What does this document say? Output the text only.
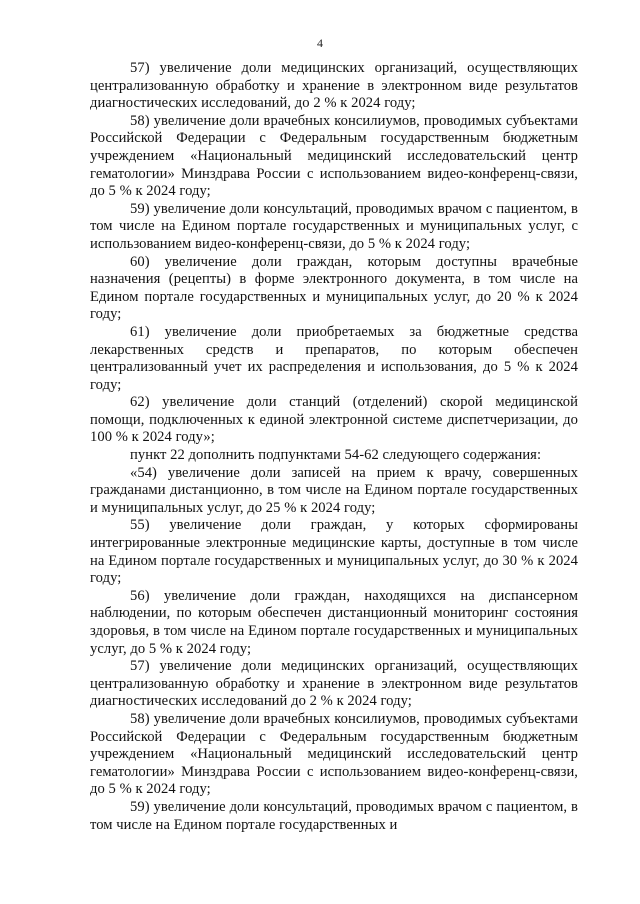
4

57) увеличение доли медицинских организаций, осуществляющих централизованную обработку и хранение в электронном виде результатов диагностических исследований, до 2 % к 2024 году;

58) увеличение доли врачебных консилиумов, проводимых субъектами Российской Федерации с Федеральным государственным бюджетным учреждением «Национальный медицинский исследовательский центр гематологии» Минздрава России с использованием видео-конференц-связи, до 5 % к 2024 году;

59) увеличение доли консультаций, проводимых врачом с пациентом, в том числе на Едином портале государственных и муниципальных услуг, с использованием видео-конференц-связи, до 5 % к 2024 году;

60) увеличение доли граждан, которым доступны врачебные назначения (рецепты) в форме электронного документа, в том числе на Едином портале государственных и муниципальных услуг, до 20 % к 2024 году;

61) увеличение доли приобретаемых за бюджетные средства лекарственных средств и препаратов, по которым обеспечен централизованный учет их распределения и использования, до 5 % к 2024 году;

62) увеличение доли станций (отделений) скорой медицинской помощи, подключенных к единой электронной системе диспетчеризации, до 100 % к 2024 году»;

пункт 22 дополнить подпунктами 54-62 следующего содержания:

«54) увеличение доли записей на прием к врачу, совершенных гражданами дистанционно, в том числе на Едином портале государственных и муниципальных услуг, до 25 % к 2024 году;

55) увеличение доли граждан, у которых сформированы интегрированные электронные медицинские карты, доступные в том числе на Едином портале государственных и муниципальных услуг, до 30 % к 2024 году;

56) увеличение доли граждан, находящихся на диспансерном наблюдении, по которым обеспечен дистанционный мониторинг состояния здоровья, в том числе на Едином портале государственных и муниципальных услуг, до 5 % к 2024 году;

57) увеличение доли медицинских организаций, осуществляющих централизованную обработку и хранение в электронном виде результатов диагностических исследований до 2 % к 2024 году;

58) увеличение доли врачебных консилиумов, проводимых субъектами Российской Федерации с Федеральным государственным бюджетным учреждением «Национальный медицинский исследовательский центр гематологии» Минздрава России с использованием видео-конференц-связи, до 5 % к 2024 году;

59) увеличение доли консультаций, проводимых врачом с пациентом, в том числе на Едином портале государственных и
